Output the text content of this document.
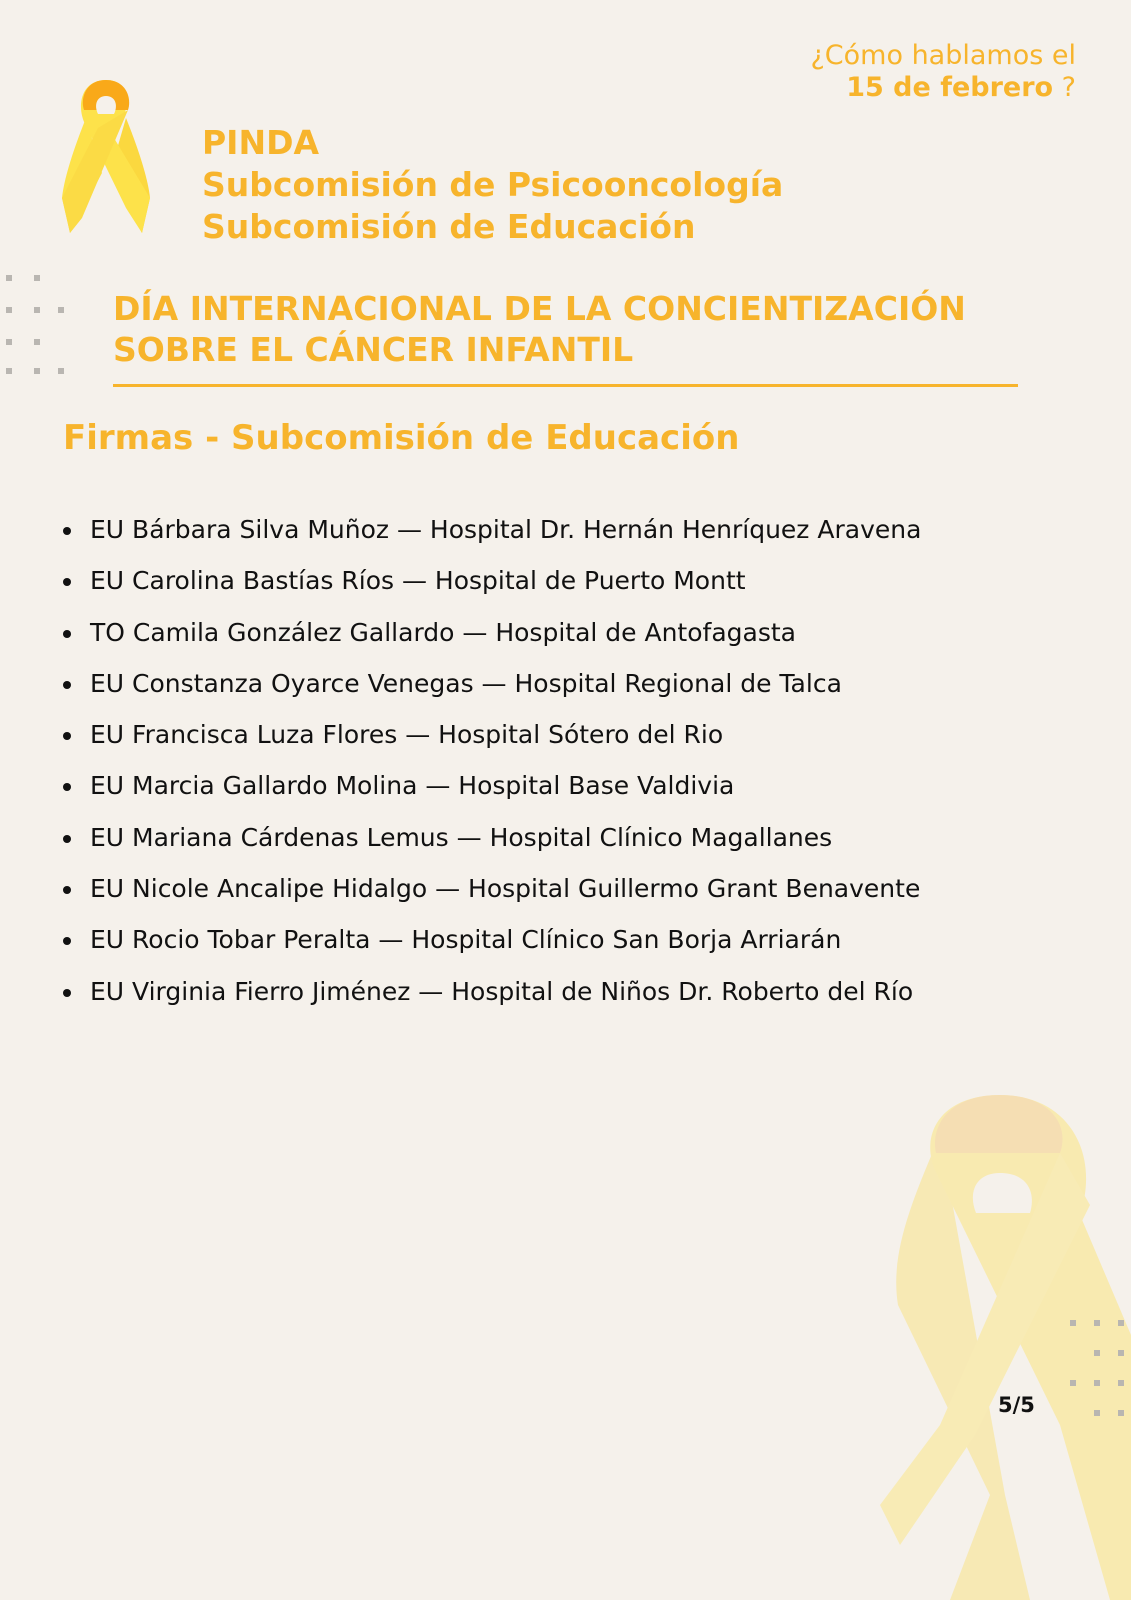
¿Cómo hablamos el
15 de febrero ?
PINDA
Subcomisión de Psicooncología
Subcomisión de Educación
DÍA INTERNACIONAL DE LA CONCIENTIZACIÓN
SOBRE EL CÁNCER INFANTIL
Firmas - Subcomisión de Educación
EU Bárbara Silva Muñoz — Hospital Dr. Hernán Henríquez Aravena
EU Carolina Bastías Ríos — Hospital de Puerto Montt
TO Camila González Gallardo — Hospital de Antofagasta
EU Constanza Oyarce Venegas — Hospital Regional de Talca
EU Francisca Luza Flores — Hospital Sótero del Rio
EU Marcia Gallardo Molina — Hospital Base Valdivia
EU Mariana Cárdenas Lemus — Hospital Clínico Magallanes
EU Nicole Ancalipe Hidalgo — Hospital Guillermo Grant Benavente
EU Rocio Tobar Peralta — Hospital Clínico San Borja Arriarán
EU Virginia Fierro Jiménez — Hospital de Niños Dr. Roberto del Río
5/5
